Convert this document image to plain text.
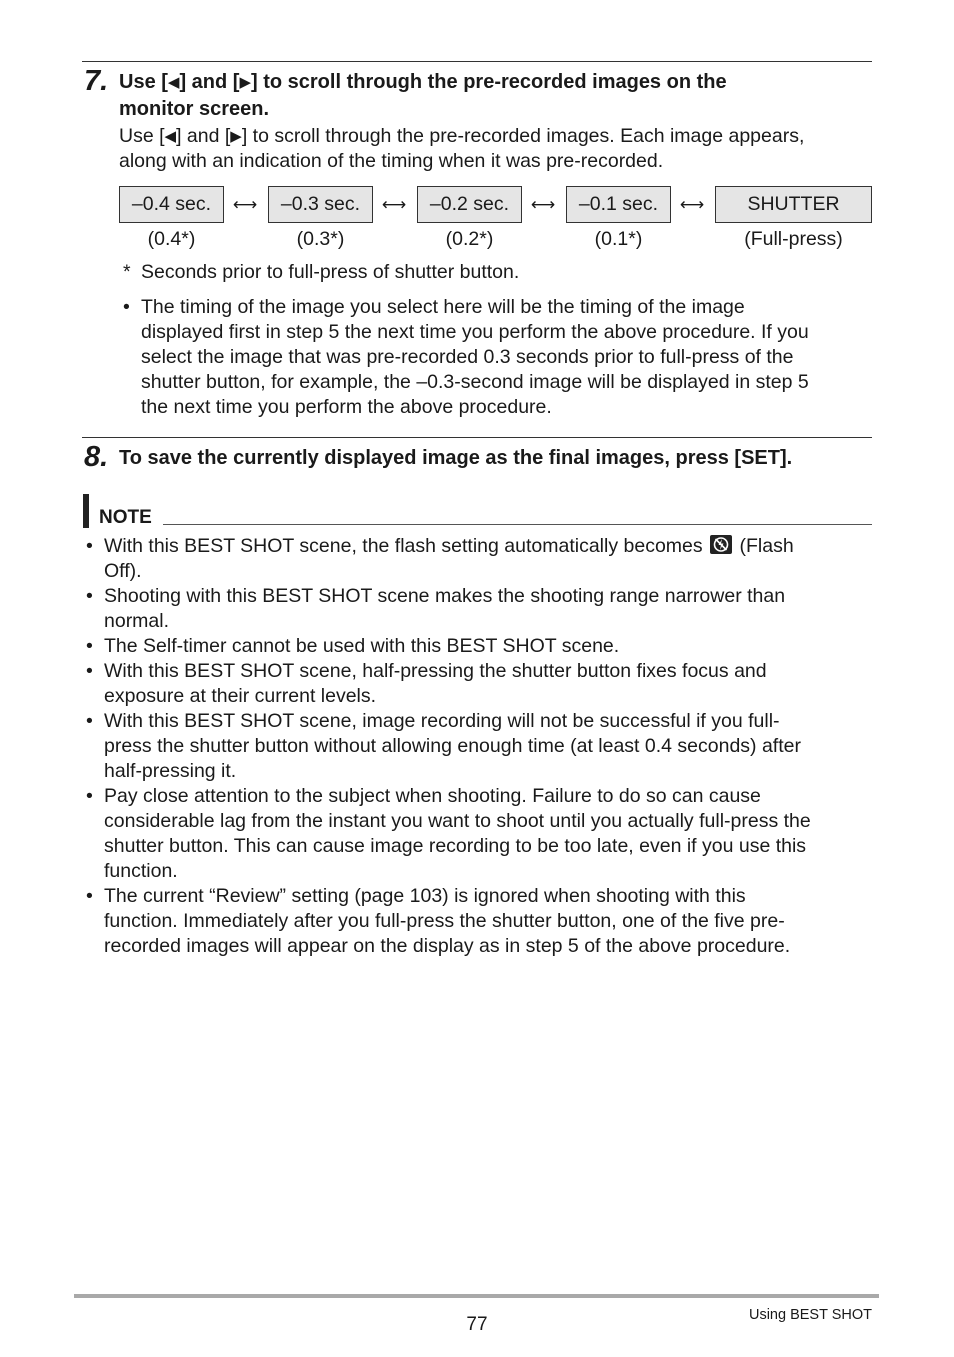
7. Use [◀] and [▶] to scroll through the pre-recorded images on the
monitor screen.
Use [◀] and [▶] to scroll through the pre-recorded images. Each image appears,
along with an indication of the timing when it was pre-recorded.
–0.4 sec.	⟷	–0.3 sec.	⟷	–0.2 sec.	⟷	–0.1 sec.	⟷	SHUTTER
(0.4*)	(0.3*)	(0.2*)	(0.1*)	(Full-press)
* Seconds prior to full-press of shutter button.
• The timing of the image you select here will be the timing of the image
displayed first in step 5 the next time you perform the above procedure. If you
select the image that was pre-recorded 0.3 seconds prior to full-press of the
shutter button, for example, the –0.3-second image will be displayed in step 5
the next time you perform the above procedure.
8. To save the currently displayed image as the final images, press [SET].
NOTE
• With this BEST SHOT scene, the flash setting automatically becomes (Flash
Off).
• Shooting with this BEST SHOT scene makes the shooting range narrower than
normal.
• The Self-timer cannot be used with this BEST SHOT scene.
• With this BEST SHOT scene, half-pressing the shutter button fixes focus and
exposure at their current levels.
• With this BEST SHOT scene, image recording will not be successful if you full-
press the shutter button without allowing enough time (at least 0.4 seconds) after
half-pressing it.
• Pay close attention to the subject when shooting. Failure to do so can cause
considerable lag from the instant you want to shoot until you actually full-press the
shutter button. This can cause image recording to be too late, even if you use this
function.
• The current “Review” setting (page 103) is ignored when shooting with this
function. Immediately after you full-press the shutter button, one of the five pre-
recorded images will appear on the display as in step 5 of the above procedure.
77	Using BEST SHOT
